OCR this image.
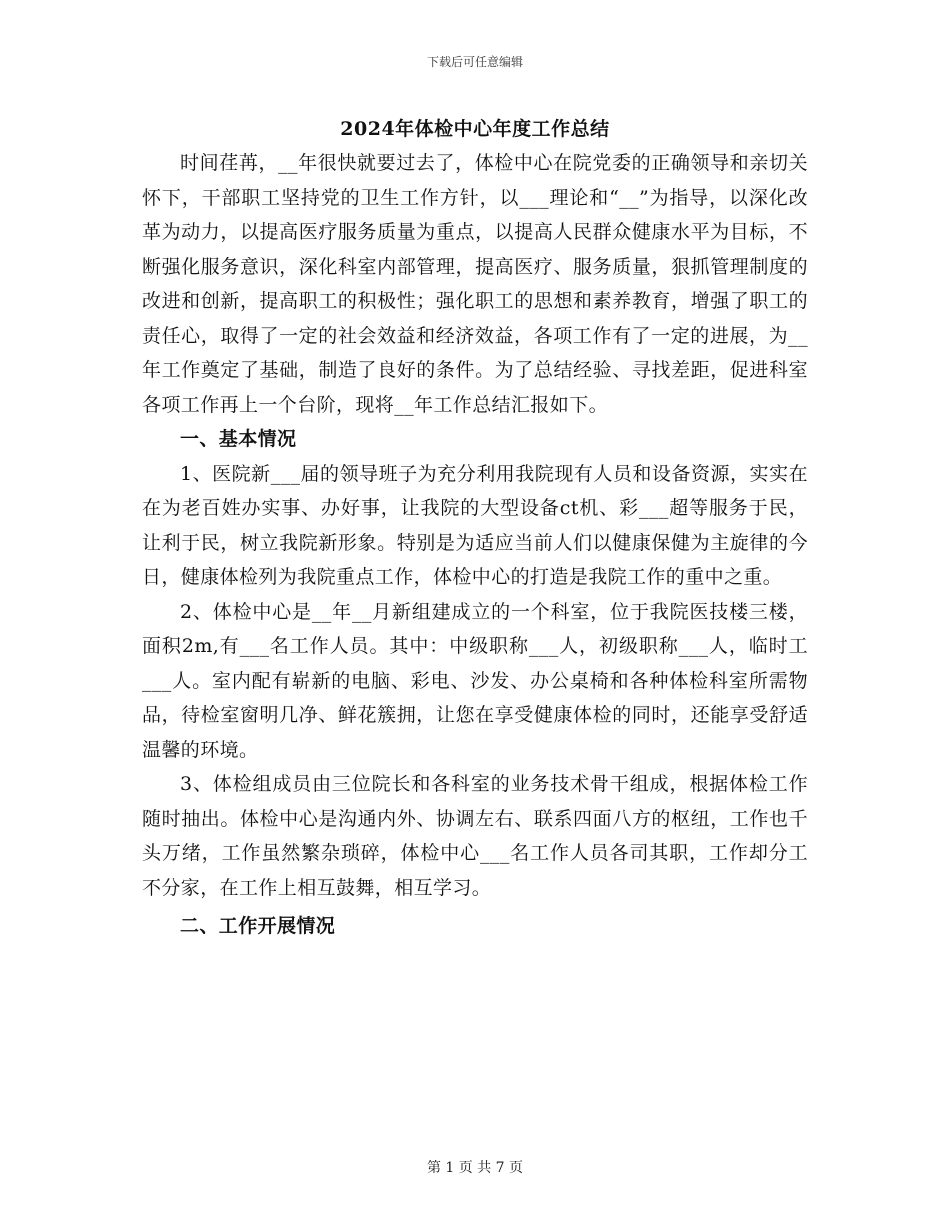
下载后可任意编辑
2024年体检中心年度工作总结

时间荏苒，__年很快就要过去了，体检中心在院党委的正确领导和亲切关怀下，干部职工坚持党的卫生工作方针，以___理论和“__”为指导，以深化改革为动力，以提高医疗服务质量为重点，以提高人民群众健康水平为目标，不断强化服务意识，深化科室内部管理，提高医疗、服务质量，狠抓管理制度的改进和创新，提高职工的积极性；强化职工的思想和素养教育，增强了职工的责任心，取得了一定的社会效益和经济效益，各项工作有了一定的进展，为__年工作奠定了基础，制造了良好的条件。为了总结经验、寻找差距，促进科室各项工作再上一个台阶，现将__年工作总结汇报如下。

一、基本情况

1、医院新___届的领导班子为充分利用我院现有人员和设备资源，实实在在为老百姓办实事、办好事，让我院的大型设备ct机、彩___超等服务于民，让利于民，树立我院新形象。特别是为适应当前人们以健康保健为主旋律的今日，健康体检列为我院重点工作，体检中心的打造是我院工作的重中之重。

2、体检中心是__年__月新组建成立的一个科室，位于我院医技楼三楼，面积2m,有___名工作人员。其中：中级职称___人，初级职称___人，临时工___人。室内配有崭新的电脑、彩电、沙发、办公桌椅和各种体检科室所需物品，待检室窗明几净、鲜花簇拥，让您在享受健康体检的同时，还能享受舒适温馨的环境。

3、体检组成员由三位院长和各科室的业务技术骨干组成，根据体检工作随时抽出。体检中心是沟通内外、协调左右、联系四面八方的枢纽，工作也千头万绪，工作虽然繁杂琐碎，体检中心___名工作人员各司其职，工作却分工不分家，在工作上相互鼓舞，相互学习。

二、工作开展情况

第 1 页 共 7 页
